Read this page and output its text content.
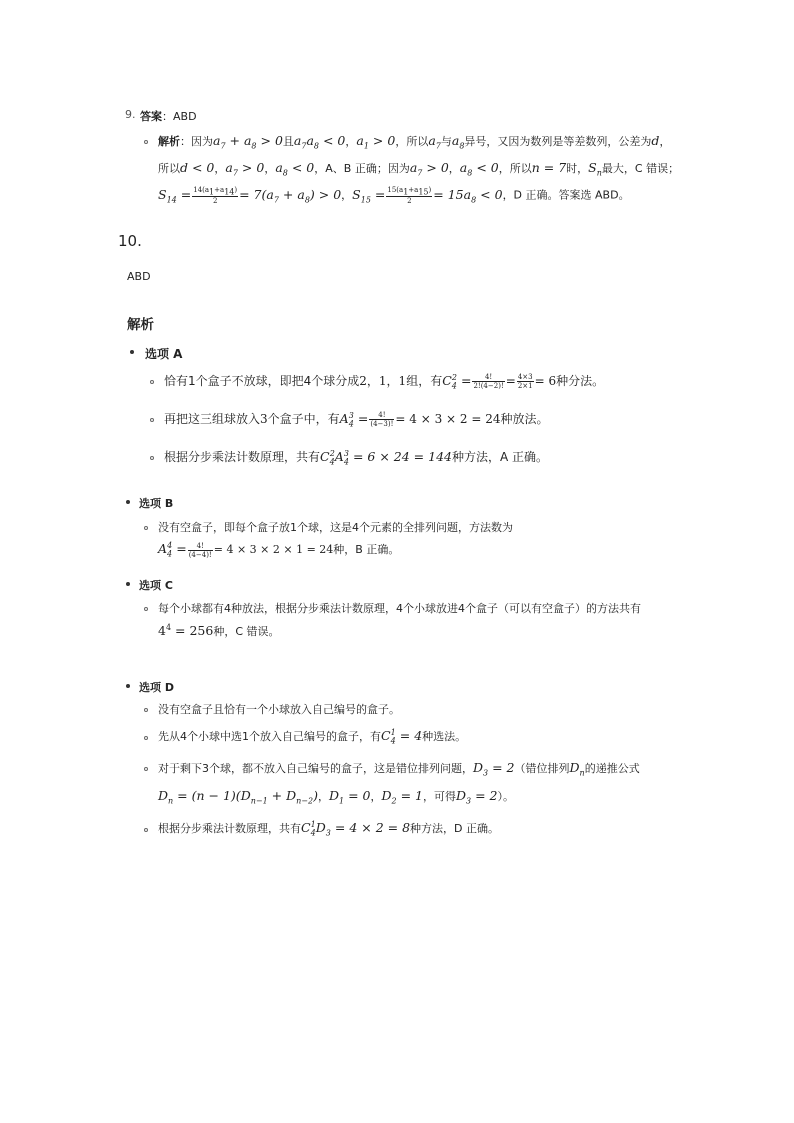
9. 答案：ABD
解析：因为$a_7 + a_8 > 0$且$a_7a_8 < 0$，$a_1 > 0$，所以$a_7$与$a_8$异号，又因为数列是等差数列，公差为d，
所以d < 0，$a_7 > 0$，$a_8 < 0$，A、B 正确；因为$a_7 > 0$，$a_8 < 0$，所以n = 7时，$S_n$最大，C 错误；
$S_{14} = \frac{14(a_1+a_{14})}{2} = 7(a_7 + a_8) > 0$，$S_{15} = \frac{15(a_1+a_{15})}{2} = 15a_8 < 0$，D 正确。答案选 ABD。
10.
ABD
解析
选项 A
恰有1个盒子不放球，即把4个球分成2，1，1组，有$C_4^2 = \frac{4!}{2!(4-2)!} = \frac{4\times 3}{2\times 1} = 6$种分法。
再把这三组球放入3个盒子中，有$A_4^3 = \frac{4!}{(4-3)!} = 4 \times 3 \times 2 = 24$种放法。
根据分步乘法计数原理，共有$C_4^2A_4^3 = 6 \times 24 = 144$种方法，A 正确。
选项 B
没有空盒子，即每个盒子放1个球，这是4个元素的全排列问题，方法数为
$A_4^4 = \frac{4!}{(4-4)!} = 4 \times 3 \times 2 \times 1 = 24$种，B 正确。
选项 C
每个小球都有4种放法，根据分步乘法计数原理，4个小球放进4个盒子（可以有空盒子）的方法共有
$4^4 = 256$种，C 错误。
选项 D
没有空盒子且恰有一个小球放入自己编号的盒子。
先从4个小球中选1个放入自己编号的盒子，有$C_4^1 = 4$种选法。
对于剩下3个球，都不放入自己编号的盒子，这是错位排列问题，$D_3 = 2$（错位排列$D_n$的递推公式
$D_n = (n - 1)(D_{n-1} + D_{n-2})$，$D_1 = 0$，$D_2 = 1$，可得$D_3 = 2$）。
根据分步乘法计数原理，共有$C_4^1D_3 = 4 \times 2 = 8$种方法，D 正确。
